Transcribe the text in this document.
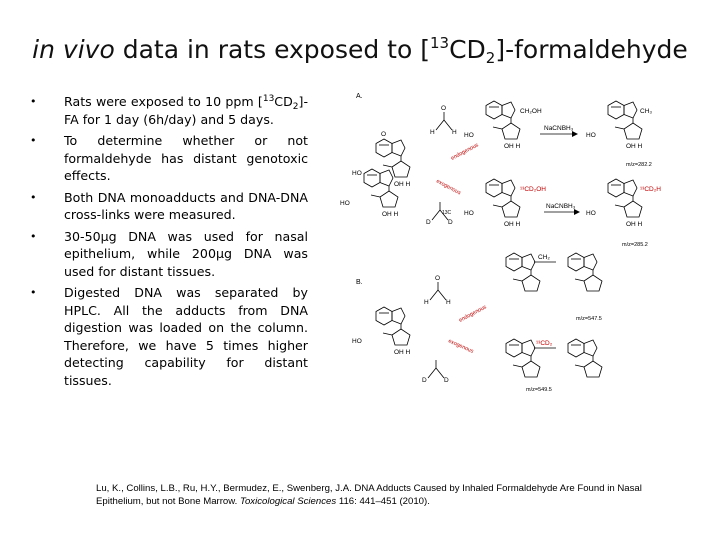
in vivo data in rats exposed to $[^{13}CD_2]$-formaldehyde
• Rats were exposed to 10 ppm $[^{13}CD_2]-FA$ for 1 day (6h/day) and 5 days.
• To determine whether or not formaldehyde has distant genotoxic effects.
• Both DNA monoadducts and DNA-DNA cross-links were measured.
• 30-50µg DNA was used for nasal epithelium, while 200µg DNA was used for distant tissues.
• Digested DNA was separated by HPLC. All the adducts from DNA digestion was loaded on the column. Therefore, we have 5 times higher detecting capability for distant tissues.
A.
HO
OH H
O	H	H
O	CH₂OH
HO
OH H
NaCNBH₃
CH₃
HO
OH H
m/z=282.2
endogenous
exogenous
HO
OH H
D	D
13C
¹³CD₂OH
HO
OH H
NaCNBH₃
¹³CD₂H
HO
OH H
m/z=285.2
B.
HO
OH H
H	H
O
endogenous
exogenous
CH₂
m/z=547.5
D	D
¹³CD₂
m/z=549.5
Lu, K., Collins, L.B., Ru, H.Y., Bermudez, E., Swenberg, J.A. DNA Adducts Caused by Inhaled Formaldehyde Are Found in Nasal Epithelium, but not Bone Marrow. Toxicological Sciences 116: 441–451 (2010).
